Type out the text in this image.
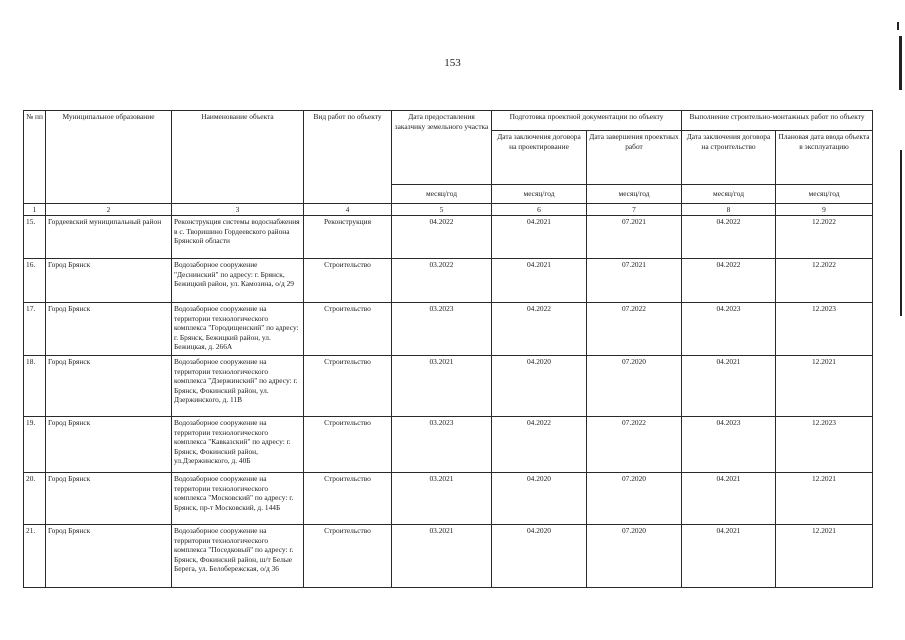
153
№ пп	Муниципальное образование	Наименование объекта	Вид работ по объекту	Дата предоставления заказчику земельного участка	Подготовка проектной документации по объекту		Выполнение строительно-монтажных работ по объекту	
					Дата заключения договора на проектирование	Дата завершения проектных работ	Дата заключения договора на строительство	Плановая дата ввода объекта в эксплуатацию
				месяц/год	месяц/год	месяц/год	месяц/год	месяц/год
1	2	3	4	5	6	7	8	9
15.	Гордеевский муниципальный район	Реконструкция системы водоснабжения в с. Творишино Гордеевского района Брянской области	Реконструкция	04.2022	04.2021	07.2021	04.2022	12.2022
16.	Город Брянск	Водозаборное сооружение "Деснинский" по адресу: г. Брянск, Бежицкий район, ул. Камозина, о/д 29	Строительство	03.2022	04.2021	07.2021	04.2022	12.2022
17.	Город Брянск	Водозаборное сооружение на территории технологического комплекса "Городищенский" по адресу: г. Брянск, Бежицкий район, ул. Бежицкая, д. 266А	Строительство	03.2023	04.2022	07.2022	04.2023	12.2023
18.	Город Брянск	Водозаборное сооружение на территории технологического комплекса "Дзержинский" по адресу: г. Брянск, Фокинский район, ул. Дзержинского, д. 11В	Строительство	03.2021	04.2020	07.2020	04.2021	12.2021
19.	Город Брянск	Водозаборное сооружение на территории технологического комплекса "Кавказский" по адресу: г. Брянск, Фокинский район, ул.Дзержинского, д. 40Б	Строительство	03.2023	04.2022	07.2022	04.2023	12.2023
20.	Город Брянск	Водозаборное сооружение на территории технологического комплекса "Московский" по адресу: г. Брянск, пр-т Московский, д. 144Б	Строительство	03.2021	04.2020	07.2020	04.2021	12.2021
21.	Город Брянск	Водозаборное сооружение на территории технологического комплекса "Поседковый" по адресу: г. Брянск, Фокинский район, ш/т Белые Берега, ул. Белобережская, о/д 36	Строительство	03.2021	04.2020	07.2020	04.2021	12.2021
